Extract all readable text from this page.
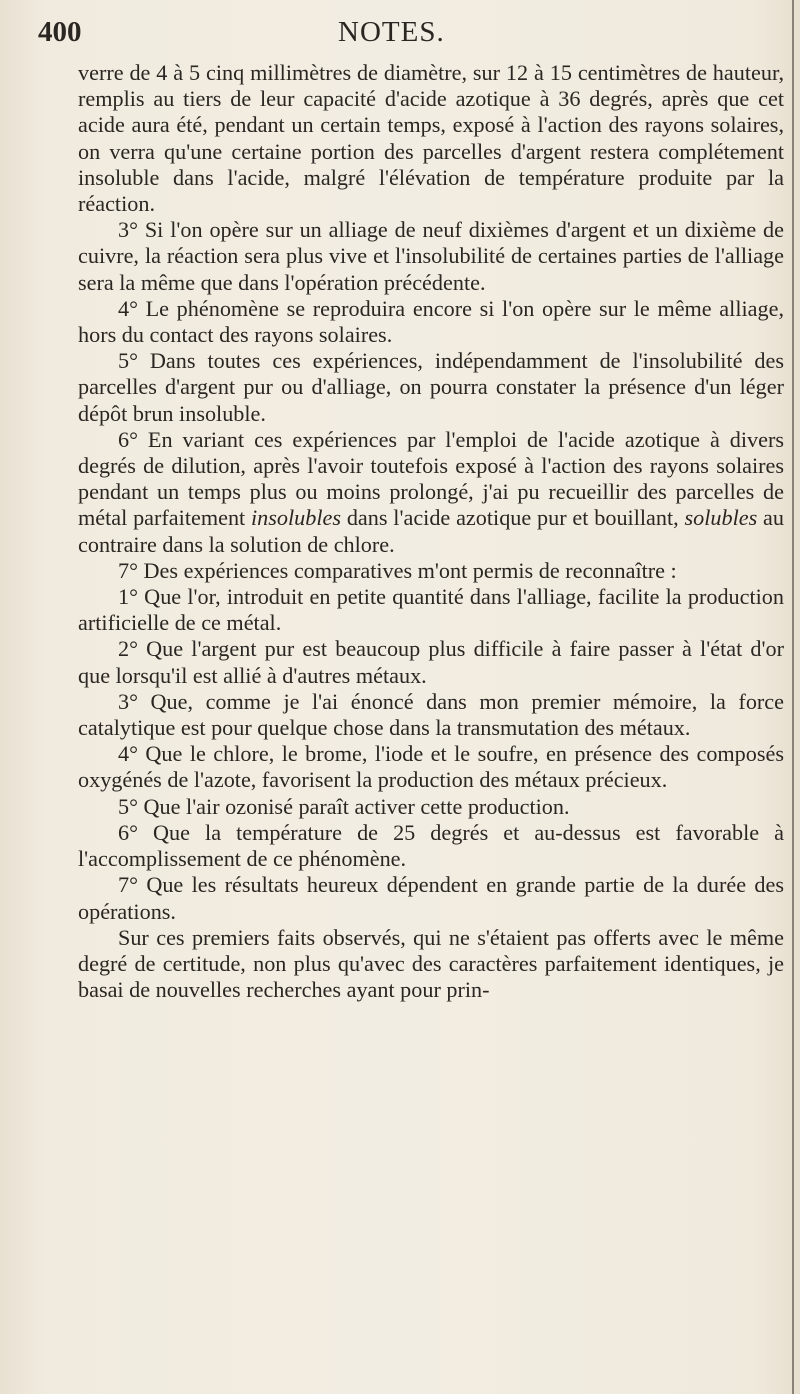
400	NOTES.

verre de 4 à 5 cinq millimètres de diamètre, sur 12 à 15 centimètres de hauteur, remplis au tiers de leur capacité d'acide azotique à 36 degrés, après que cet acide aura été, pendant un certain temps, exposé à l'action des rayons solaires, on verra qu'une certaine portion des parcelles d'argent restera complétement insoluble dans l'acide, malgré l'élévation de température produite par la réaction.

3° Si l'on opère sur un alliage de neuf dixièmes d'argent et un dixième de cuivre, la réaction sera plus vive et l'insolubilité de certaines parties de l'alliage sera la même que dans l'opération précédente.

4° Le phénomène se reproduira encore si l'on opère sur le même alliage, hors du contact des rayons solaires.

5° Dans toutes ces expériences, indépendamment de l'insolubilité des parcelles d'argent pur ou d'alliage, on pourra constater la présence d'un léger dépôt brun insoluble.

6° En variant ces expériences par l'emploi de l'acide azotique à divers degrés de dilution, après l'avoir toutefois exposé à l'action des rayons solaires pendant un temps plus ou moins prolongé, j'ai pu recueillir des parcelles de métal parfaitement insolubles dans l'acide azotique pur et bouillant, solubles au contraire dans la solution de chlore.

7° Des expériences comparatives m'ont permis de reconnaître :

1° Que l'or, introduit en petite quantité dans l'alliage, facilite la production artificielle de ce métal.

2° Que l'argent pur est beaucoup plus difficile à faire passer à l'état d'or que lorsqu'il est allié à d'autres métaux.

3° Que, comme je l'ai énoncé dans mon premier mémoire, la force catalytique est pour quelque chose dans la transmutation des métaux.

4° Que le chlore, le brome, l'iode et le soufre, en présence des composés oxygénés de l'azote, favorisent la production des métaux précieux.

5° Que l'air ozonisé paraît activer cette production.

6° Que la température de 25 degrés et au-dessus est favorable à l'accomplissement de ce phénomène.

7° Que les résultats heureux dépendent en grande partie de la durée des opérations.

Sur ces premiers faits observés, qui ne s'étaient pas offerts avec le même degré de certitude, non plus qu'avec des caractères parfaitement identiques, je basai de nouvelles recherches ayant pour prin-
